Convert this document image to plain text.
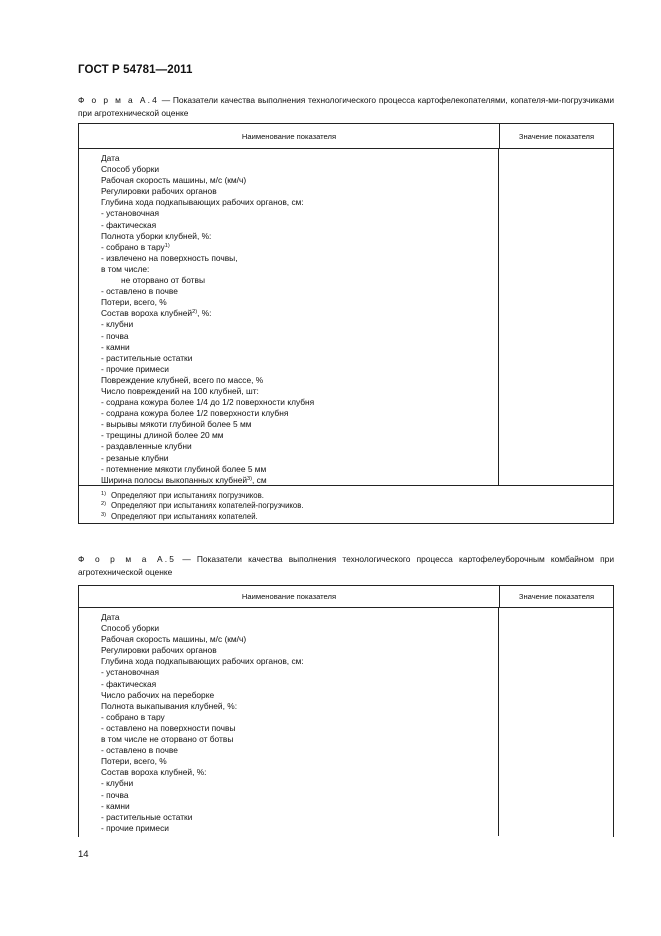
ГОСТ Р 54781—2011
Ф о р м а А.4 — Показатели качества выполнения технологического процесса картофелекопателями, копателя-ми-погрузчиками при агротехнической оценке
Наименование показателя	Значение показателя
Дата
Способ уборки
Рабочая скорость машины, м/с (км/ч)
Регулировки рабочих органов
Глубина хода подкапывающих рабочих органов, см:
- установочная
- фактическая
Полнота уборки клубней, %:
- собрано в тару$^{1)}$
- извлечено на поверхность почвы,
в том числе:
не оторвано от ботвы
- оставлено в почве
Потери, всего, %
Состав вороха клубней$^{2)}$, %:
- клубни
- почва
- камни
- растительные остатки
- прочие примеси
Повреждение клубней, всего по массе, %
Число повреждений на 100 клубней, шт:
- содрана кожура более 1/4 до 1/2 поверхности клубня
- содрана кожура более 1/2 поверхности клубня
- вырывы мякоти глубиной более 5 мм
- трещины длиной более 20 мм
- раздавленные клубни
- резаные клубни
- потемнение мякоти глубиной более 5 мм
Ширина полосы выкопанных клубней$^{3)}$, см
$^{1)}$ Определяют при испытаниях погрузчиков.
$^{2)}$ Определяют при испытаниях копателей-погрузчиков.
$^{3)}$ Определяют при испытаниях копателей.
Ф о р м а А.5 — Показатели качества выполнения технологического процесса картофелеуборочным комбайном при агротехнической оценке
Наименование показателя	Значение показателя
Дата
Способ уборки
Рабочая скорость машины, м/с (км/ч)
Регулировки рабочих органов
Глубина хода подкапывающих рабочих органов, см:
- установочная
- фактическая
Число рабочих на переборке
Полнота выкапывания клубней, %:
- собрано в тару
- оставлено на поверхности почвы
в том числе не оторвано от ботвы
- оставлено в почве
Потери, всего, %
Состав вороха клубней, %:
- клубни
- почва
- камни
- растительные остатки
- прочие примеси
14
